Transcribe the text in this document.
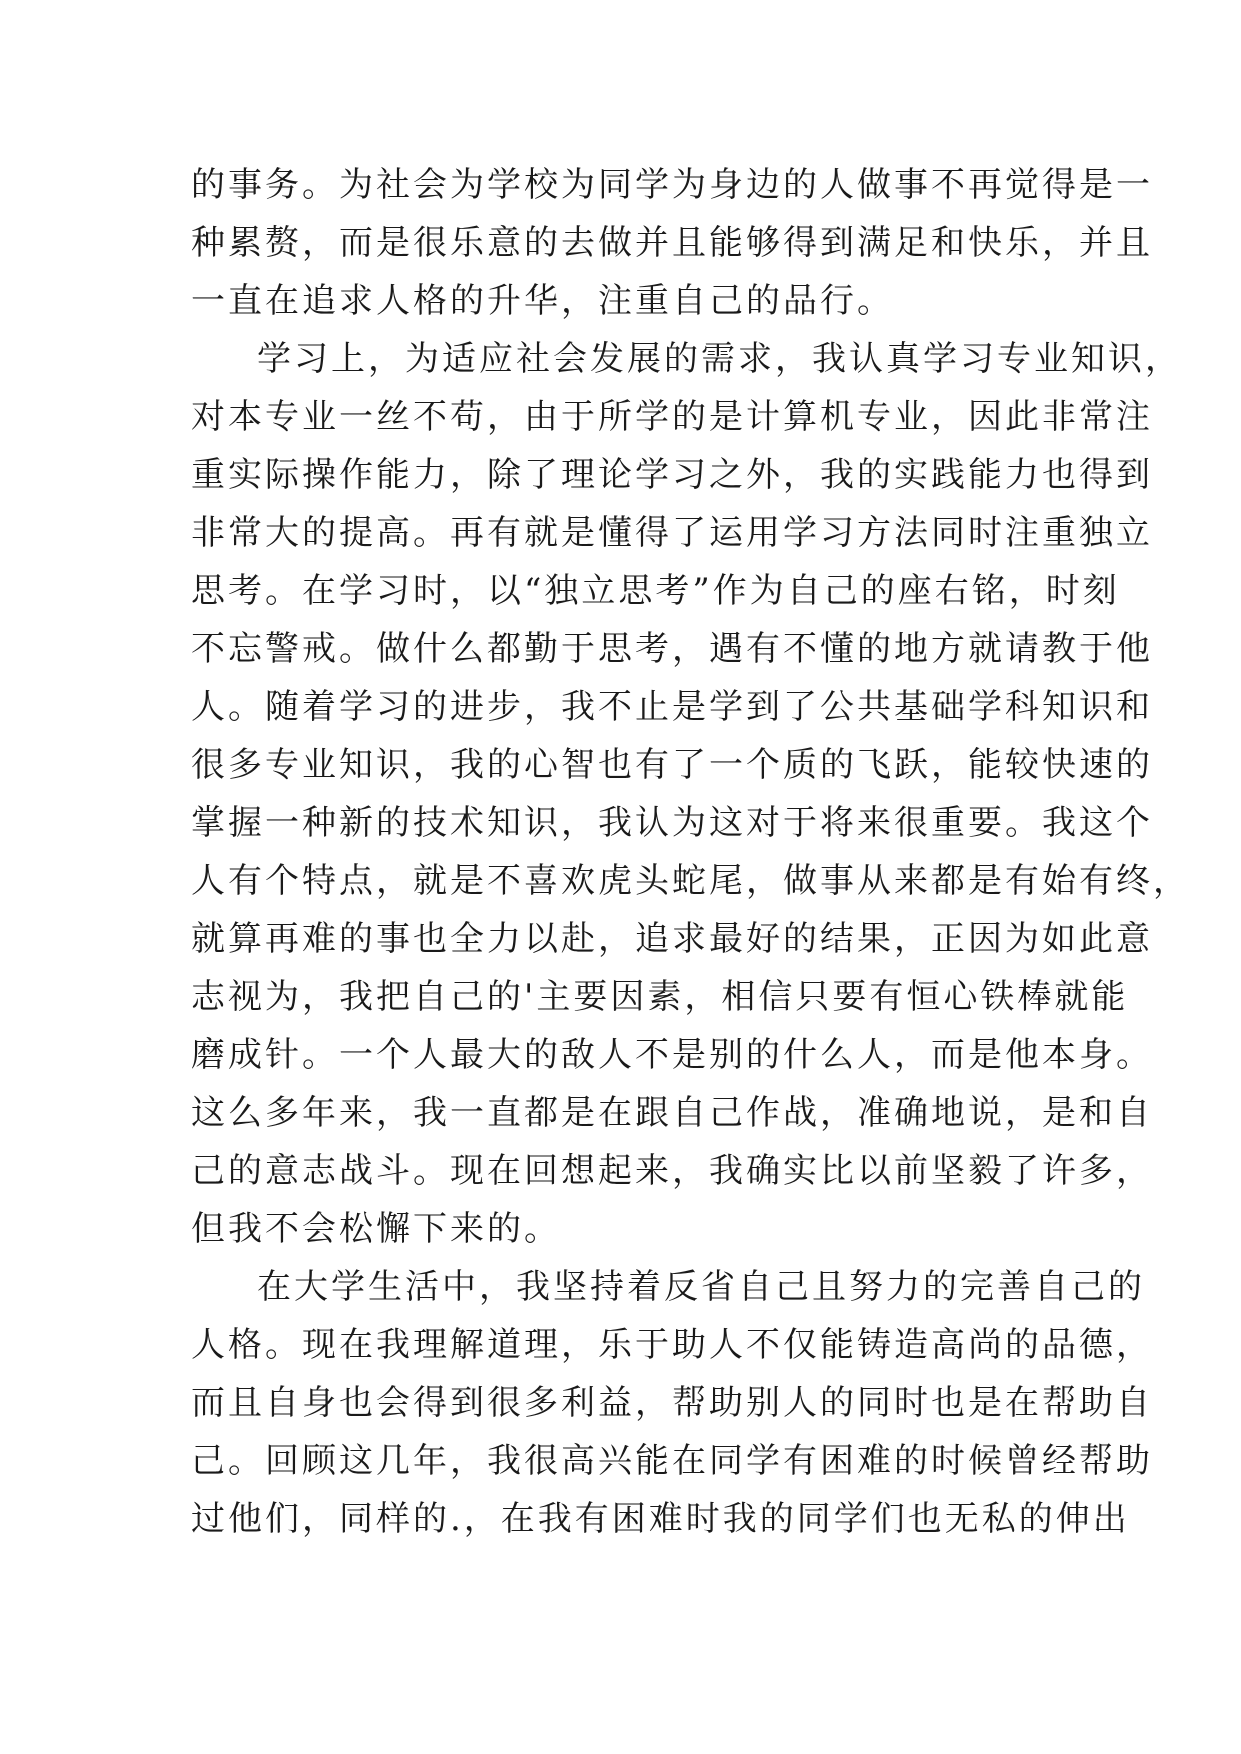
的事务。为社会为学校为同学为身边的人做事不再觉得是一
种累赘，而是很乐意的去做并且能够得到满足和快乐，并且
一直在追求人格的升华，注重自己的品行。
学习上，为适应社会发展的需求，我认真学习专业知识，
对本专业一丝不苟，由于所学的是计算机专业，因此非常注
重实际操作能力，除了理论学习之外，我的实践能力也得到
非常大的提高。再有就是懂得了运用学习方法同时注重独立
思考。在学习时，以“独立思考”作为自己的座右铭，时刻
不忘警戒。做什么都勤于思考，遇有不懂的地方就请教于他
人。随着学习的进步，我不止是学到了公共基础学科知识和
很多专业知识，我的心智也有了一个质的飞跃，能较快速的
掌握一种新的技术知识，我认为这对于将来很重要。我这个
人有个特点，就是不喜欢虎头蛇尾，做事从来都是有始有终，
就算再难的事也全力以赴，追求最好的结果，正因为如此意
志视为，我把自己的'主要因素，相信只要有恒心铁棒就能
磨成针。一个人最大的敌人不是别的什么人，而是他本身。
这么多年来，我一直都是在跟自己作战，准确地说，是和自
己的意志战斗。现在回想起来，我确实比以前坚毅了许多，
但我不会松懈下来的。
在大学生活中，我坚持着反省自己且努力的完善自己的
人格。现在我理解道理，乐于助人不仅能铸造高尚的品德，
而且自身也会得到很多利益，帮助别人的同时也是在帮助自
己。回顾这几年，我很高兴能在同学有困难的时候曾经帮助
过他们，同样的.，在我有困难时我的同学们也无私的伸出
